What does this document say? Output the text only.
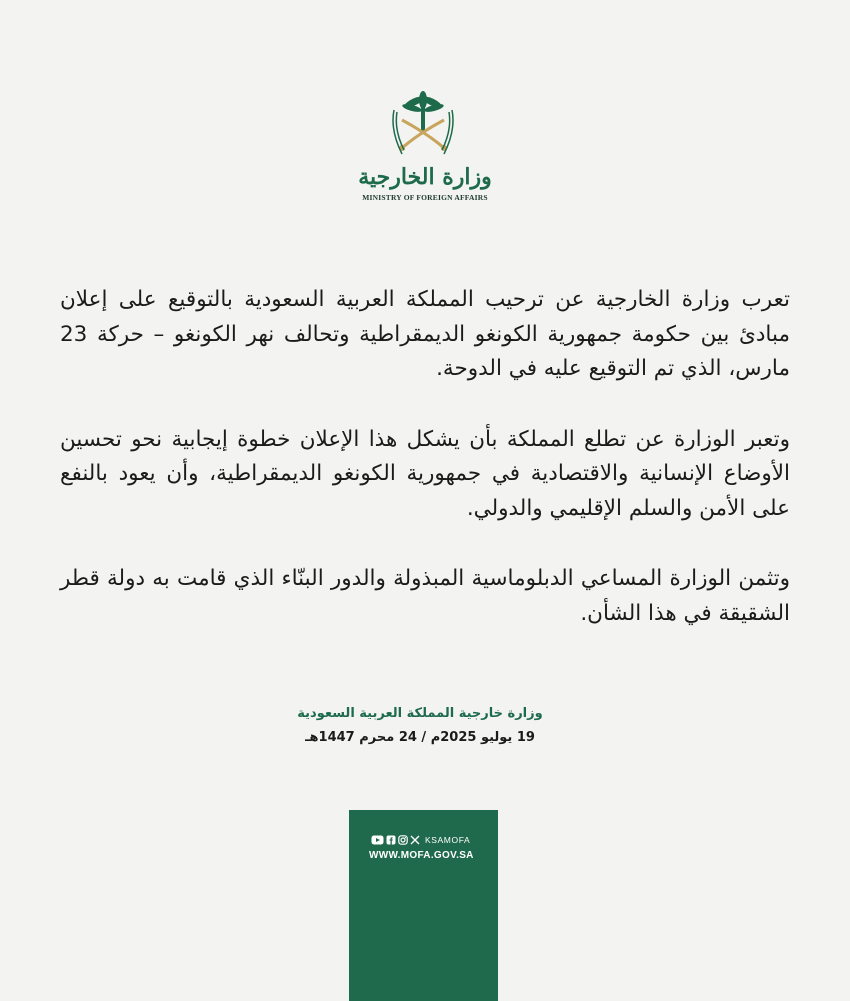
وزارة الخارجية
MINISTRY OF FOREIGN AFFAIRS

تعرب وزارة الخارجية عن ترحيب المملكة العربية السعودية بالتوقيع على إعلان مبادئ بين حكومة جمهورية الكونغو الديمقراطية وتحالف نهر الكونغو – حركة 23 مارس، الذي تم التوقيع عليه في الدوحة.

وتعبر الوزارة عن تطلع المملكة بأن يشكل هذا الإعلان خطوة إيجابية نحو تحسين الأوضاع الإنسانية والاقتصادية في جمهورية الكونغو الديمقراطية، وأن يعود بالنفع على الأمن والسلم الإقليمي والدولي.

وتثمن الوزارة المساعي الدبلوماسية المبذولة والدور البنّاء الذي قامت به دولة قطر الشقيقة في هذا الشأن.

وزارة خارجية المملكة العربية السعودية
19 يوليو 2025م / 24 محرم 1447هـ
KSAMOFA
WWW.MOFA.GOV.SA
